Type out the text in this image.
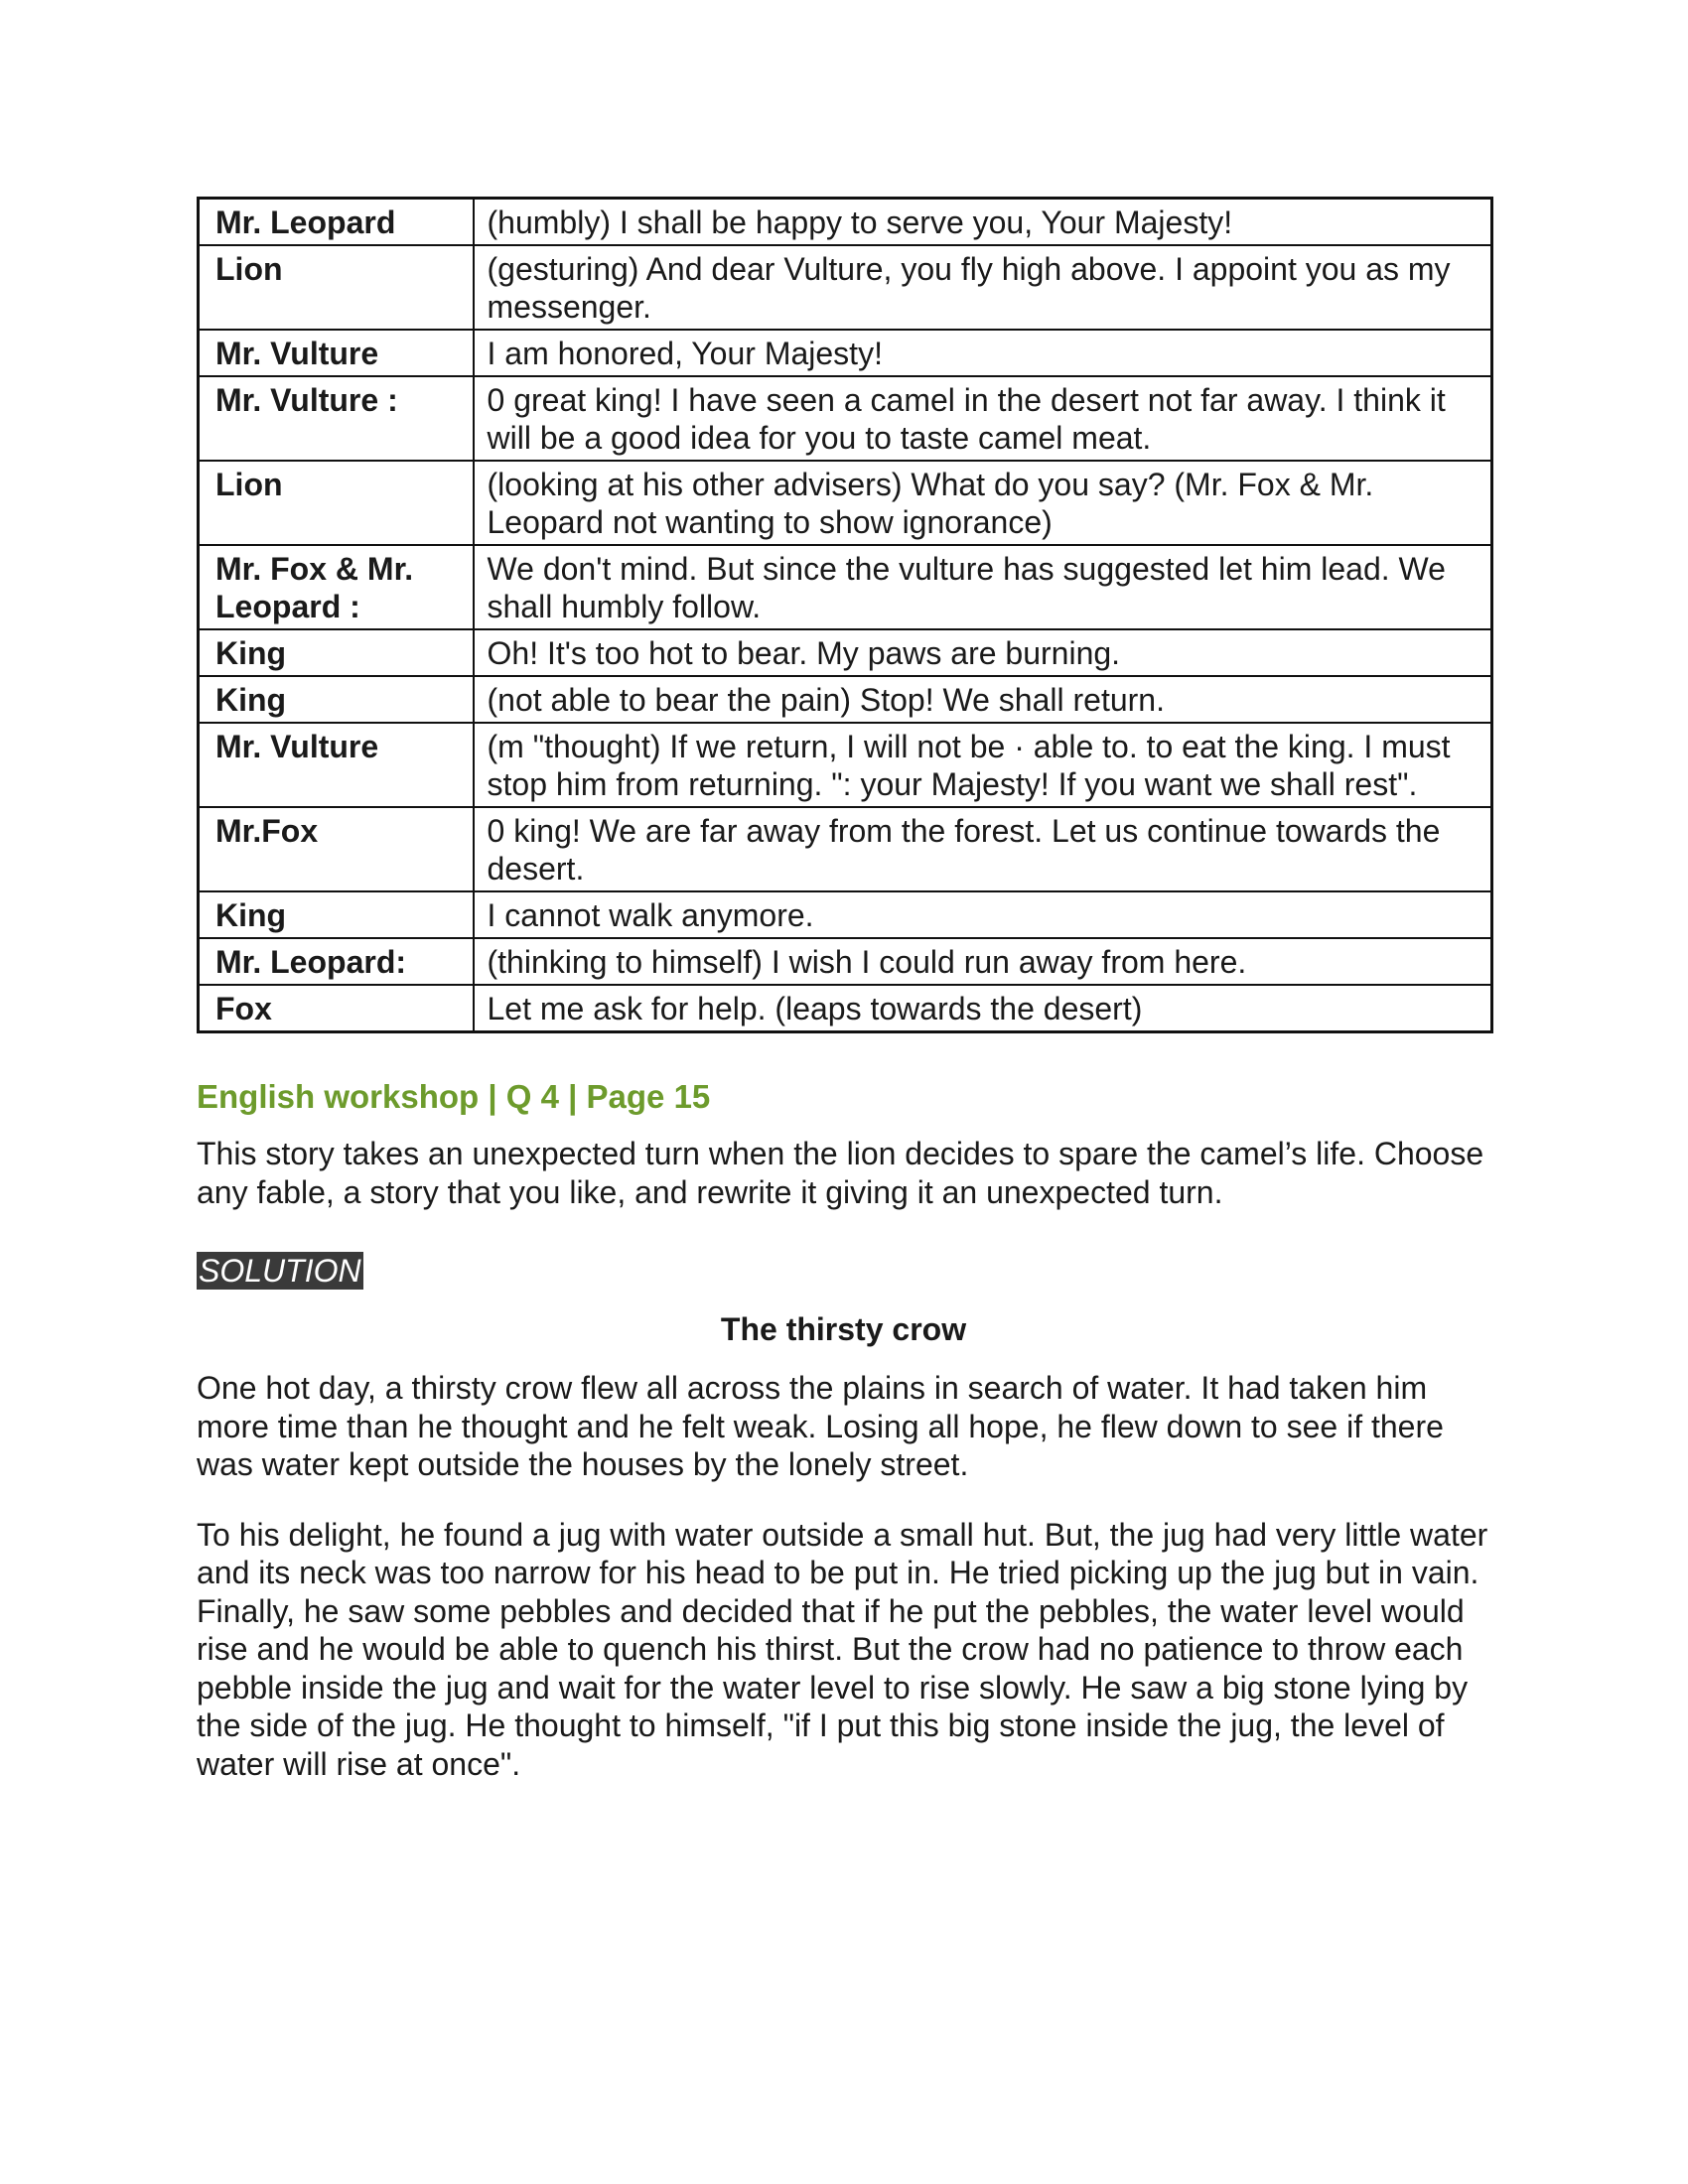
Mr. Leopard	(humbly) I shall be happy to serve you, Your Majesty!
Lion	(gesturing) And dear Vulture, you fly high above. I appoint you as my messenger.
Mr. Vulture	I am honored, Your Majesty!
Mr. Vulture :	0 great king! I have seen a camel in the desert not far away. I think it will be a good idea for you to taste camel meat.
Lion	(looking at his other advisers) What do you say? (Mr. Fox & Mr. Leopard not wanting to show ignorance)
Mr. Fox & Mr. Leopard :	We don't mind. But since the vulture has suggested let him lead. We shall humbly follow.
King	Oh! It's too hot to bear. My paws are burning.
King	(not able to bear the pain) Stop! We shall return.
Mr. Vulture	(m "thought) If we return, I will not be · able to. to eat the king. I must stop him from returning. ": your Majesty! If you want we shall rest".
Mr.Fox	0 king! We are far away from the forest. Let us continue towards the desert.
King	I cannot walk anymore.
Mr. Leopard:	(thinking to himself) I wish I could run away from here.
Fox	Let me ask for help. (leaps towards the desert)
English workshop | Q 4 | Page 15
This story takes an unexpected turn when the lion decides to spare the camel’s life. Choose any fable, a story that you like, and rewrite it giving it an unexpected turn.
SOLUTION
The thirsty crow

One hot day, a thirsty crow flew all across the plains in search of water. It had taken him more time than he thought and he felt weak. Losing all hope, he flew down to see if there was water kept outside the houses by the lonely street.

To his delight, he found a jug with water outside a small hut. But, the jug had very little water and its neck was too narrow for his head to be put in. He tried picking up the jug but in vain. Finally, he saw some pebbles and decided that if he put the pebbles, the water level would rise and he would be able to quench his thirst. But the crow had no patience to throw each pebble inside the jug and wait for the water level to rise slowly. He saw a big stone lying by the side of the jug. He thought to himself, "if I put this big stone inside the jug, the level of water will rise at once".
